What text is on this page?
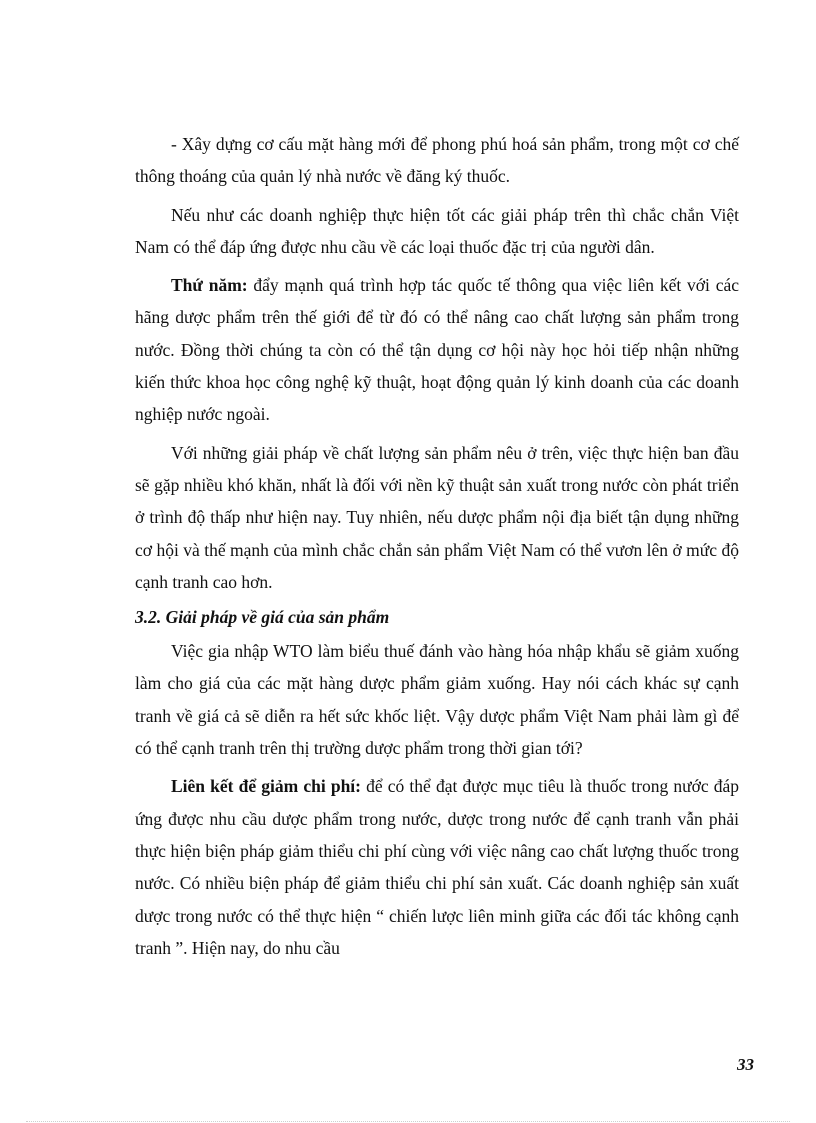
- Xây dựng cơ cấu mặt hàng mới để phong phú hoá sản phẩm, trong một cơ chế thông thoáng của quản lý nhà nước về đăng ký thuốc.

Nếu như các doanh nghiệp thực hiện tốt các giải pháp trên thì chắc chắn Việt Nam có thể đáp ứng được nhu cầu về các loại thuốc đặc trị của người dân.

Thứ năm: đẩy mạnh quá trình hợp tác quốc tế thông qua việc liên kết với các hãng dược phẩm trên thế giới để từ đó có thể nâng cao chất lượng sản phẩm trong nước. Đồng thời chúng ta còn có thể tận dụng cơ hội này học hỏi tiếp nhận những kiến thức khoa học công nghệ kỹ thuật, hoạt động quản lý kinh doanh của các doanh nghiệp nước ngoài.

Với những giải pháp về chất lượng sản phẩm nêu ở trên, việc thực hiện ban đầu sẽ gặp nhiều khó khăn, nhất là đối với nền kỹ thuật sản xuất trong nước còn phát triển ở trình độ thấp như hiện nay. Tuy nhiên, nếu dược phẩm nội địa biết tận dụng những cơ hội và thế mạnh của mình chắc chắn sản phẩm Việt Nam có thể vươn lên ở mức độ cạnh tranh cao hơn.

3.2. Giải pháp về giá của sản phẩm

Việc gia nhập WTO làm biểu thuế đánh vào hàng hóa nhập khẩu sẽ giảm xuống làm cho giá của các mặt hàng dược phẩm giảm xuống. Hay nói cách khác sự cạnh tranh về giá cả sẽ diễn ra hết sức khốc liệt. Vậy dược phẩm Việt Nam phải làm gì để có thể cạnh tranh trên thị trường dược phẩm trong thời gian tới?

Liên kết để giảm chi phí: để có thể đạt được mục tiêu là thuốc trong nước đáp ứng được nhu cầu dược phẩm trong nước, dược trong nước để cạnh tranh vẫn phải thực hiện biện pháp giảm thiểu chi phí cùng với việc nâng cao chất lượng thuốc trong nước. Có nhiều biện pháp để giảm thiểu chi phí sản xuất. Các doanh nghiệp sản xuất dược trong nước có thể thực hiện “ chiến lược liên minh giữa các đối tác không cạnh tranh ”. Hiện nay, do nhu cầu

33
